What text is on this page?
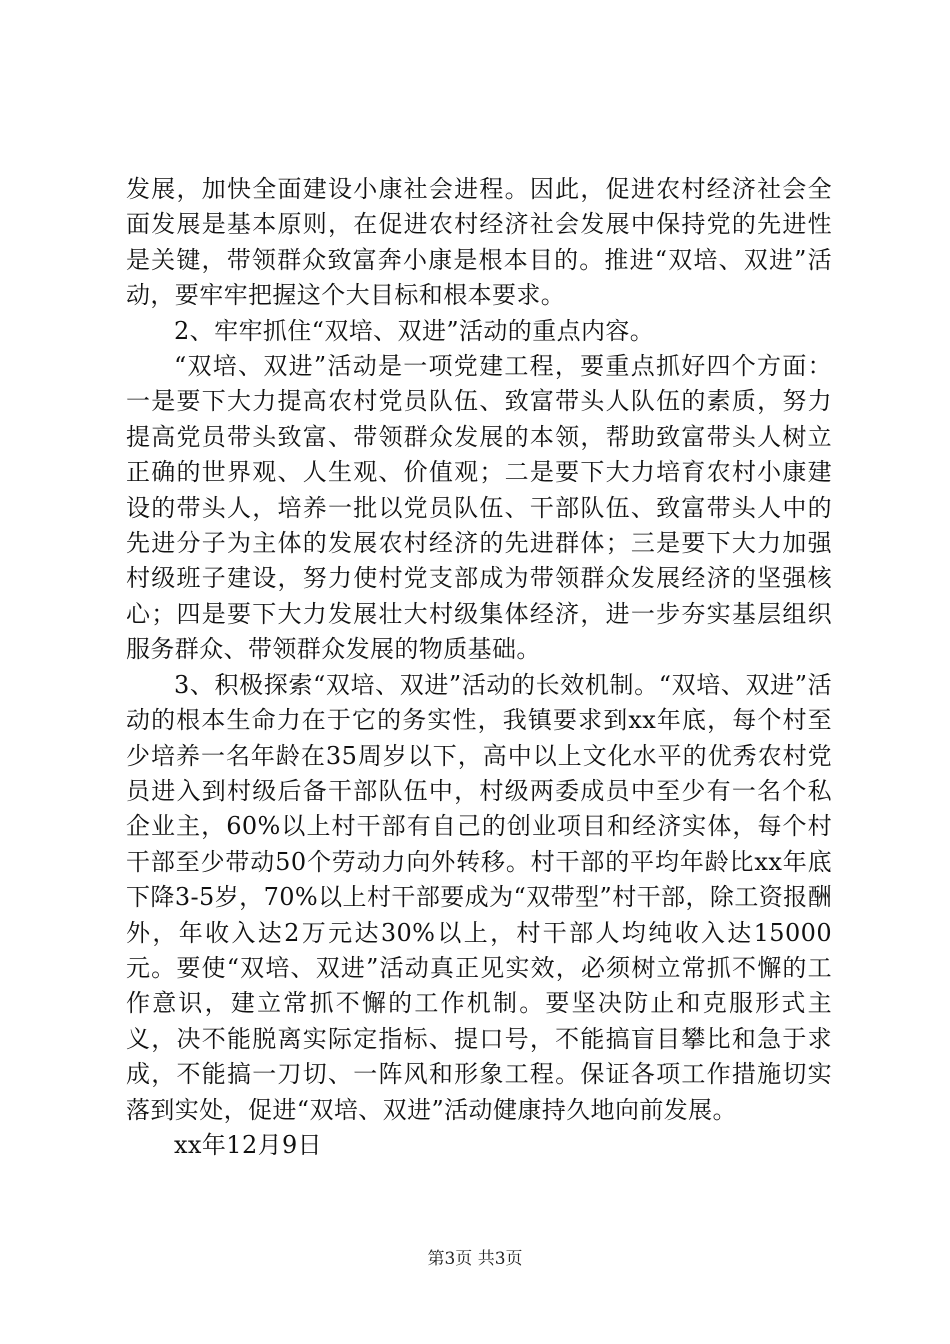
发展，加快全面建设小康社会进程。因此，促进农村经济社会全面发展是基本原则，在促进农村经济社会发展中保持党的先进性是关键，带领群众致富奔小康是根本目的。推进“双培、双进”活动，要牢牢把握这个大目标和根本要求。

2、牢牢抓住“双培、双进”活动的重点内容。

“双培、双进”活动是一项党建工程，要重点抓好四个方面：一是要下大力提高农村党员队伍、致富带头人队伍的素质，努力提高党员带头致富、带领群众发展的本领，帮助致富带头人树立正确的世界观、人生观、价值观；二是要下大力培育农村小康建设的带头人，培养一批以党员队伍、干部队伍、致富带头人中的先进分子为主体的发展农村经济的先进群体；三是要下大力加强村级班子建设，努力使村党支部成为带领群众发展经济的坚强核心；四是要下大力发展壮大村级集体经济，进一步夯实基层组织服务群众、带领群众发展的物质基础。

3、积极探索“双培、双进”活动的长效机制。“双培、双进”活动的根本生命力在于它的务实性，我镇要求到xx年底，每个村至少培养一名年龄在35周岁以下，高中以上文化水平的优秀农村党员进入到村级后备干部队伍中，村级两委成员中至少有一名个私企业主，60%以上村干部有自己的创业项目和经济实体，每个村干部至少带动50个劳动力向外转移。村干部的平均年龄比xx年底下降3-5岁，70%以上村干部要成为“双带型”村干部，除工资报酬外，年收入达2万元达30%以上，村干部人均纯收入达15000元。要使“双培、双进”活动真正见实效，必须树立常抓不懈的工作意识，建立常抓不懈的工作机制。要坚决防止和克服形式主义，决不能脱离实际定指标、提口号，不能搞盲目攀比和急于求成，不能搞一刀切、一阵风和形象工程。保证各项工作措施切实落到实处，促进“双培、双进”活动健康持久地向前发展。

xx年12月9日

第3页 共3页
